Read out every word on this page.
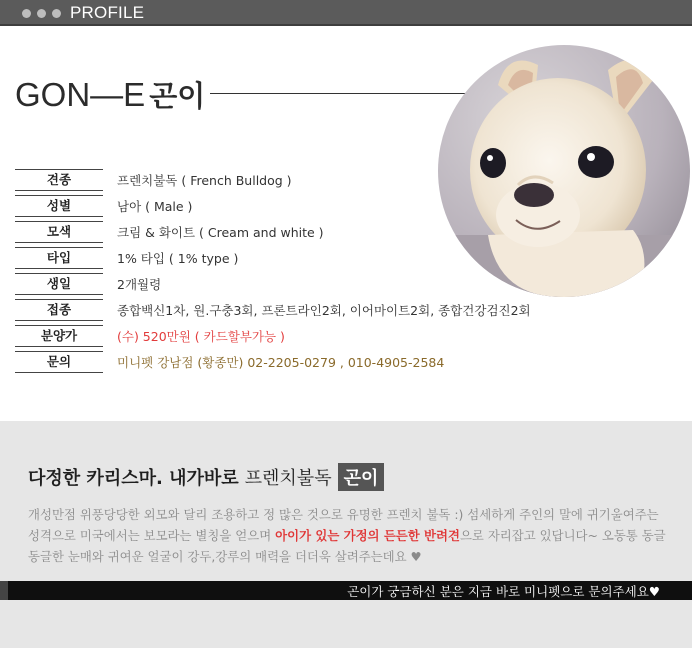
PROFILE
GON—E 곤이
견종	프렌치불독 ( French Bulldog )
성별	남아 ( Male )
모색	크림 & 화이트 ( Cream and white )
타입	1% 타입 ( 1% type )
생일	2개월령
접종	종합백신1차, 원.구충3회, 프론트라인2회, 이어마이트2회, 종합건강검진2회
분양가	(수) 520만원 ( 카드할부가능 )
문의	미니펫 강남점 (황종만) 02-2205-0279 , 010-4905-2584
다정한 카리스마. 내가바로 프렌치불독 곤이
개성만점 위풍당당한 외모와 달리 조용하고 정 많은 것으로 유명한 프렌치 불독 :) 섬세하게 주인의 말에 귀기울여주는 성격으로 미국에서는 보모라는 별칭을 얻으며 아이가 있는 가정의 든든한 반려견으로 자리잡고 있답니다~ 오동통 동글동글한 눈매와 귀여운 얼굴이 강두,강루의 매력을 더더욱 살려주는데요 ♥
곤이가 궁금하신 분은 지금 바로 미니펫으로 문의주세요♥
